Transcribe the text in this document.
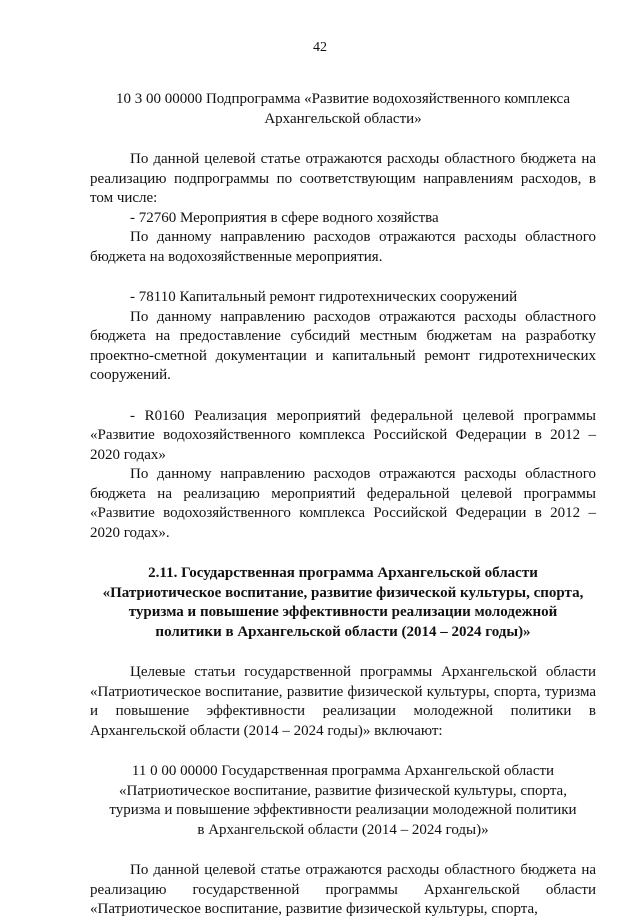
42
10 3 00 00000 Подпрограмма «Развитие водохозяйственного комплекса
Архангельской области»

По данной целевой статье отражаются расходы областного бюджета на реализацию подпрограммы по соответствующим направлениям расходов, в том числе:

- 72760 Мероприятия в сфере водного хозяйства

По данному направлению расходов отражаются расходы областного бюджета на водохозяйственные мероприятия.

- 78110 Капитальный ремонт гидротехнических сооружений

По данному направлению расходов отражаются расходы областного бюджета на предоставление субсидий местным бюджетам на разработку проектно-сметной документации и капитальный ремонт гидротехнических сооружений.

- R0160 Реализация мероприятий федеральной целевой программы «Развитие водохозяйственного комплекса Российской Федерации в 2012 – 2020 годах»

По данному направлению расходов отражаются расходы областного бюджета на реализацию мероприятий федеральной целевой программы «Развитие водохозяйственного комплекса Российской Федерации в 2012 – 2020 годах».

2.11. Государственная программа Архангельской области
«Патриотическое воспитание, развитие физической культуры, спорта,
туризма и повышение эффективности реализации молодежной
политики в Архангельской области (2014 – 2024 годы)»

Целевые статьи государственной программы Архангельской области «Патриотическое воспитание, развитие физической культуры, спорта, туризма и повышение эффективности реализации молодежной политики в Архангельской области (2014 – 2024 годы)» включают:

11 0 00 00000 Государственная программа Архангельской области
«Патриотическое воспитание, развитие физической культуры, спорта,
туризма и повышение эффективности реализации молодежной политики
в Архангельской области (2014 – 2024 годы)»

По данной целевой статье отражаются расходы областного бюджета на реализацию государственной программы Архангельской области «Патриотическое воспитание, развитие физической культуры, спорта,
